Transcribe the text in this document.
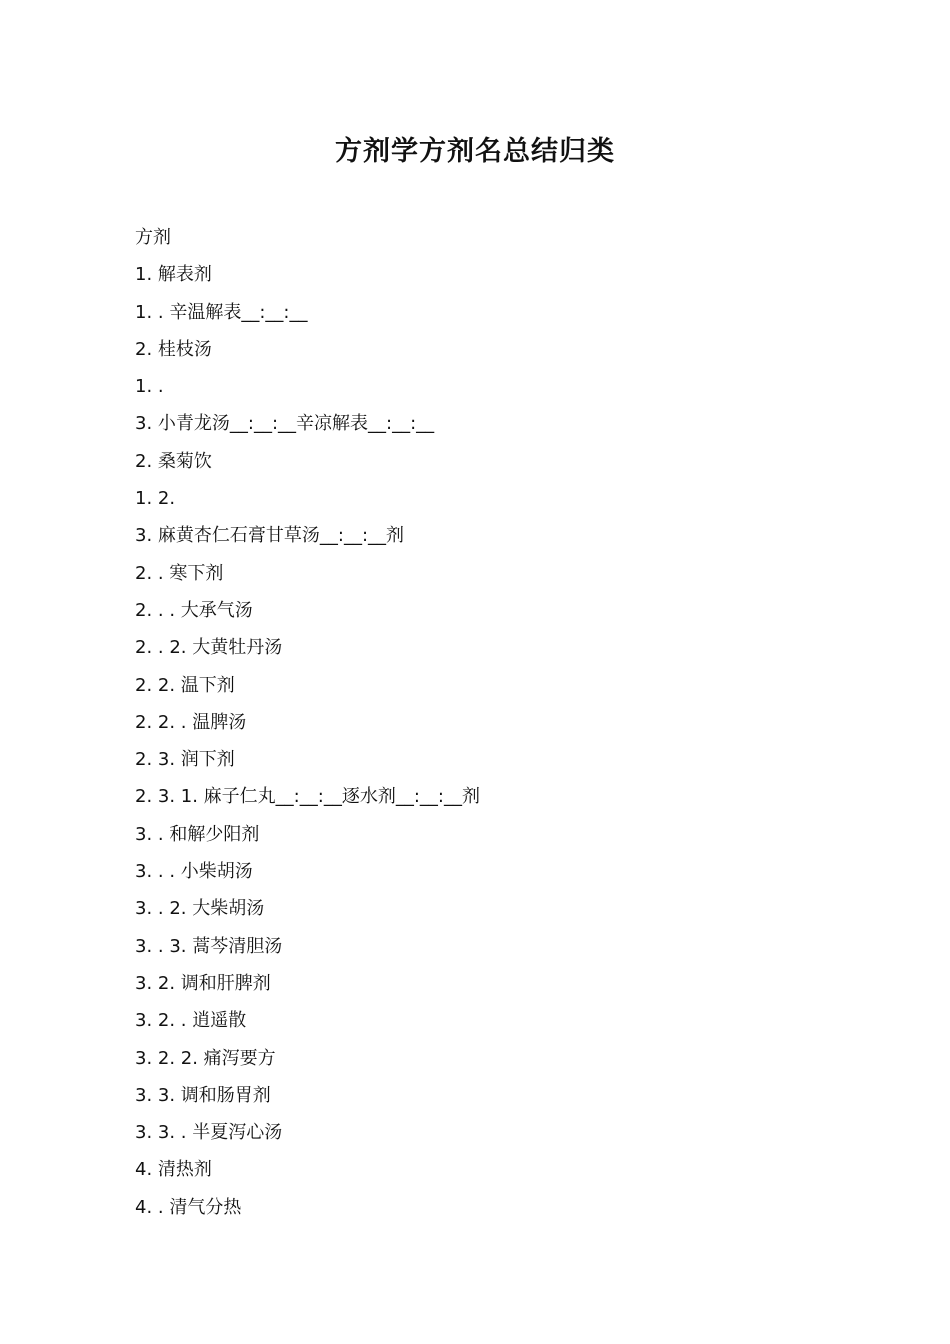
方剂学方剂名总结归类
方剂
1. 解表剂
1. . 辛温解表__:__:__
2. 桂枝汤
1. .
3. 小青龙汤__:__:__辛凉解表__:__:__
2. 桑菊饮
1. 2.
3. 麻黄杏仁石膏甘草汤__:__:__剂
2. . 寒下剂
2. . . 大承气汤
2. . 2. 大黄牡丹汤
2. 2. 温下剂
2. 2. . 温脾汤
2. 3. 润下剂
2. 3. 1. 麻子仁丸__:__:__逐水剂__:__:__剂
3. . 和解少阳剂
3. . . 小柴胡汤
3. . 2. 大柴胡汤
3. . 3. 蒿芩清胆汤
3. 2. 调和肝脾剂
3. 2. . 逍遥散
3. 2. 2. 痛泻要方
3. 3. 调和肠胃剂
3. 3. . 半夏泻心汤
4. 清热剂
4. . 清气分热
